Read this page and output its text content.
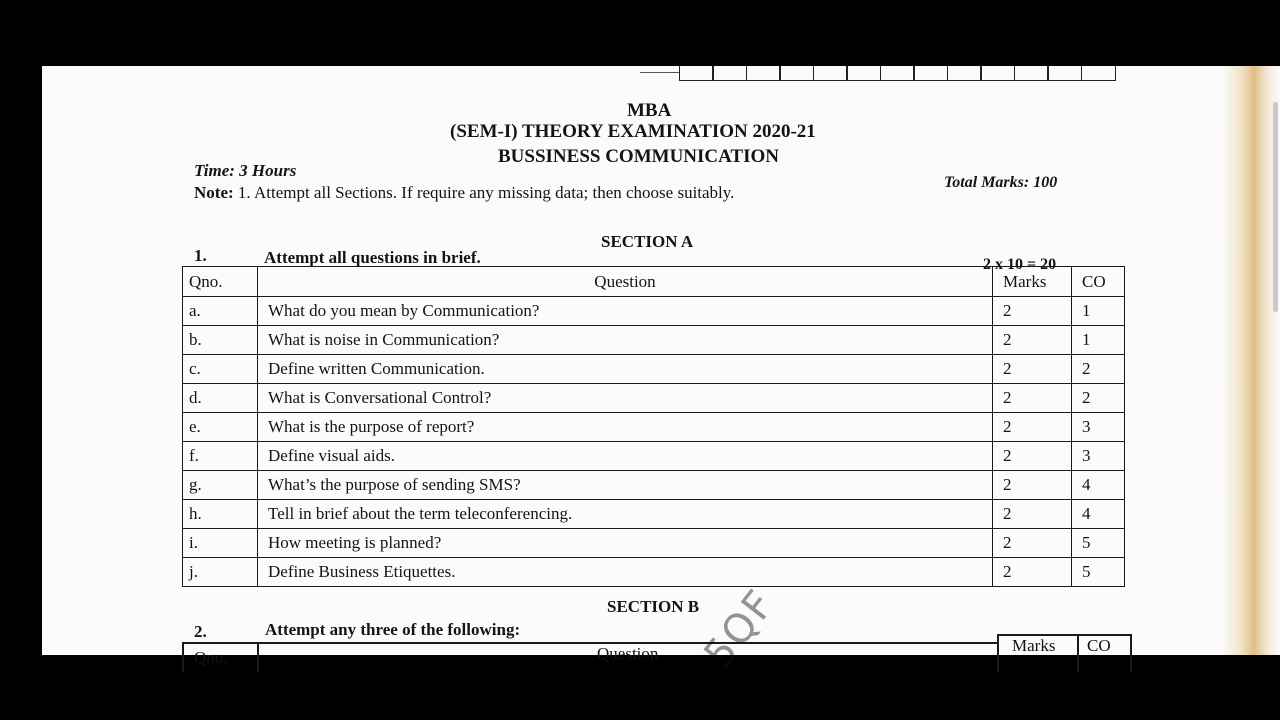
MBA
(SEM-I) THEORY EXAMINATION 2020-21
BUSSINESS COMMUNICATION
Time: 3 Hours
Total Marks: 100
Note: 1. Attempt all Sections. If require any missing data; then choose suitably.
SECTION A
1.	Attempt all questions in brief.	2 x 10 = 20
Qno.	Question	Marks	CO
a.	What do you mean by Communication?	2	1
b.	What is noise in Communication?	2	1
c.	Define written Communication.	2	2
d.	What is Conversational Control?	2	2
e.	What is the purpose of report?	2	3
f.	Define visual aids.	2	3
g.	What’s the purpose of sending SMS?	2	4
h.	Tell in brief about the term teleconferencing.	2	4
i.	How meeting is planned?	2	5
j.	Define Business Etiquettes.	2	5
SECTION B
2.	Attempt any three of the following:
Qno.	Question	Marks CO
5QF
